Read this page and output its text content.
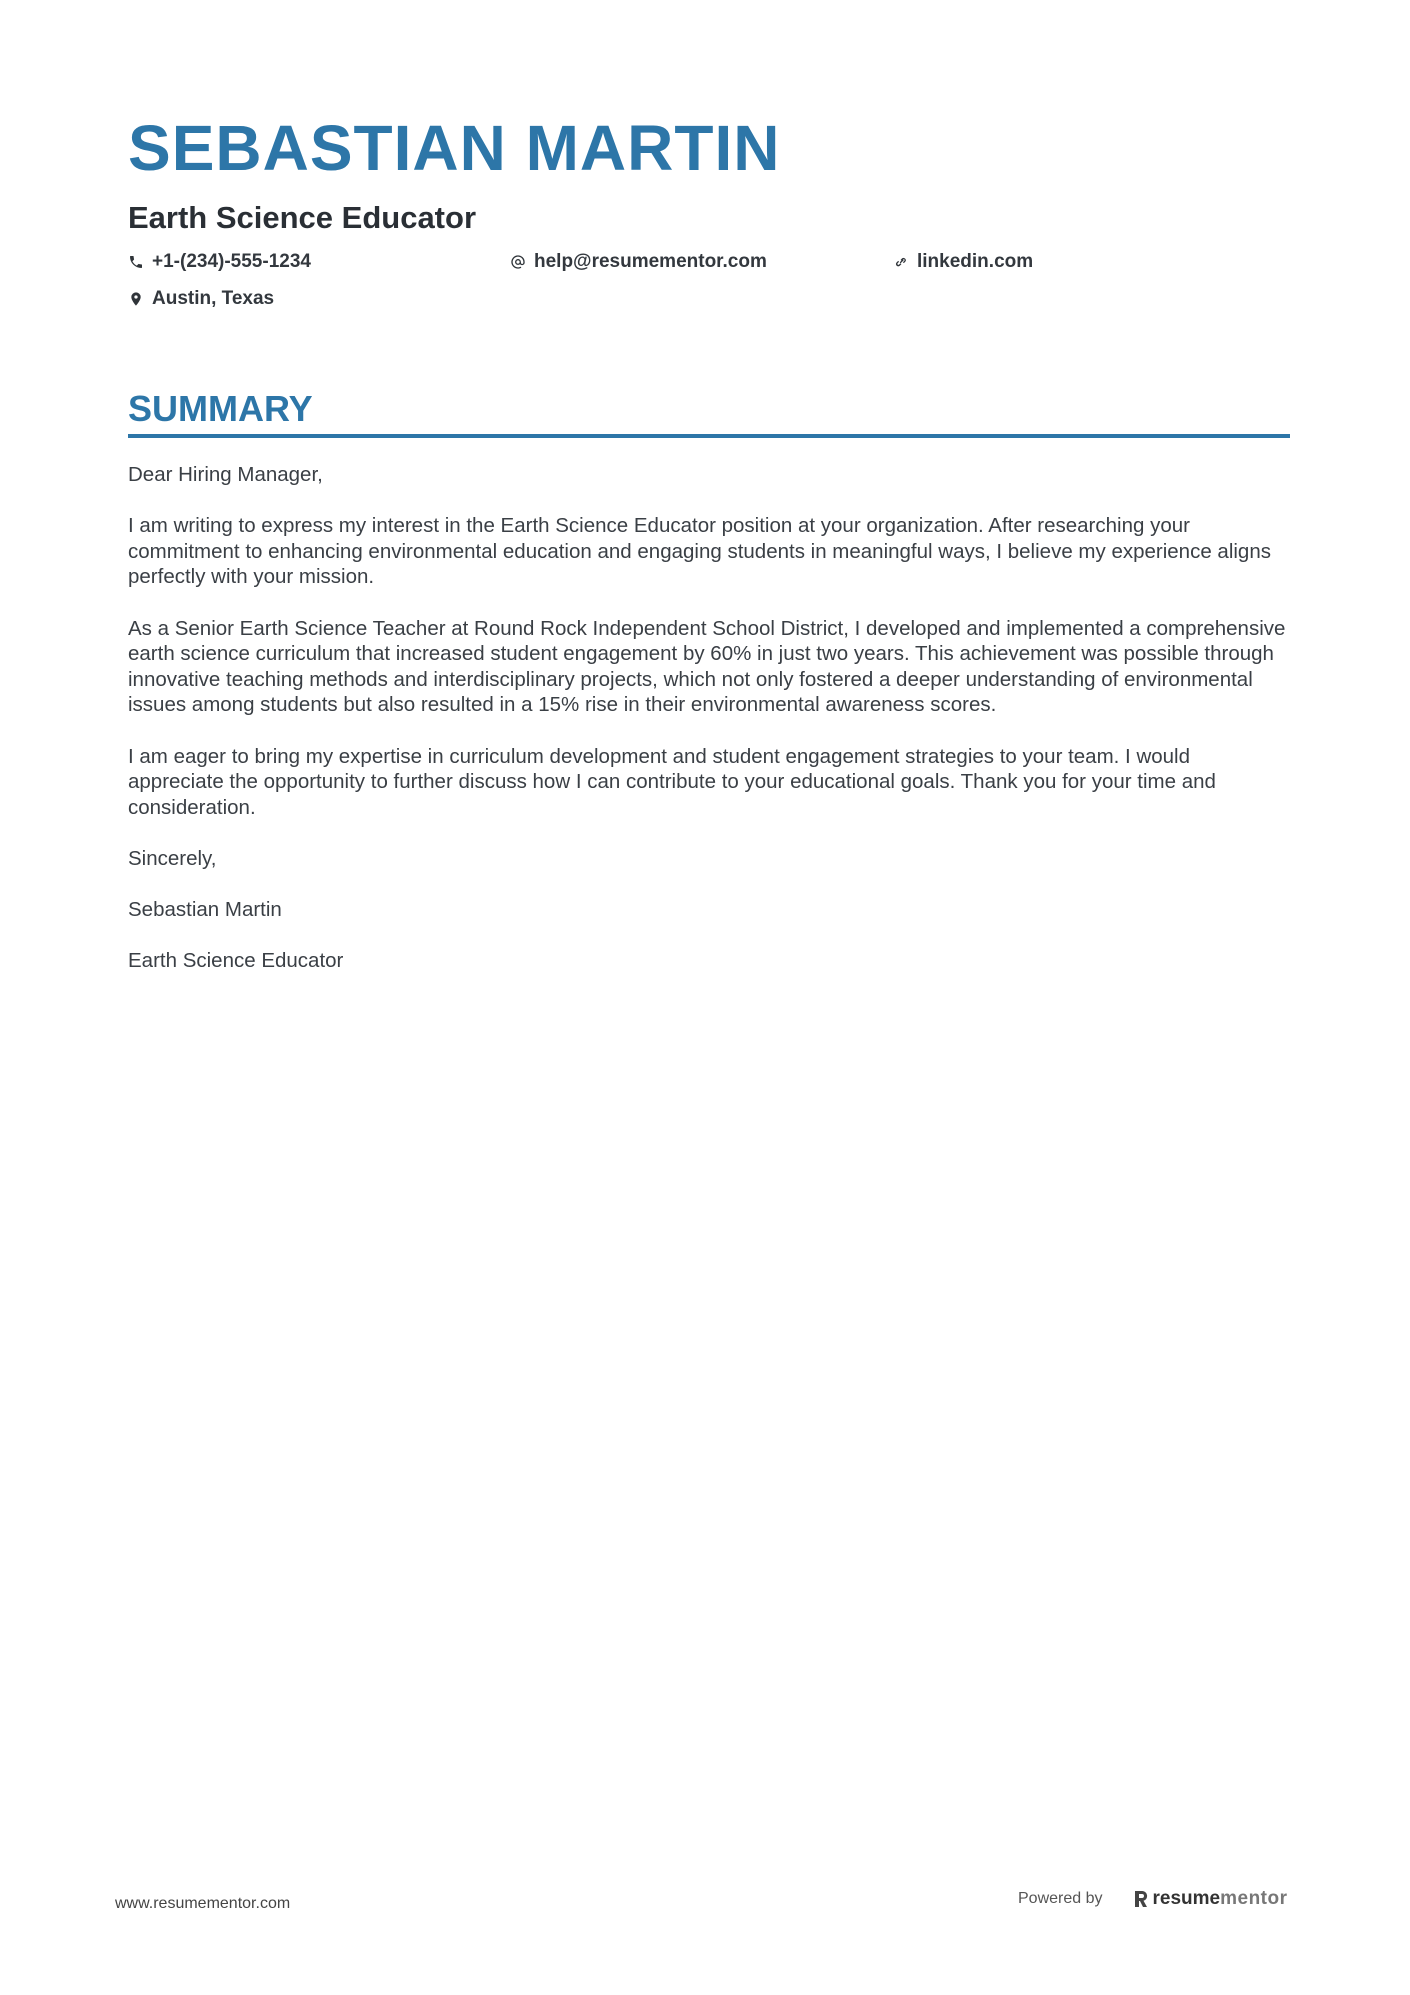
SEBASTIAN MARTIN
Earth Science Educator
+1-(234)-555-1234	help@resumementor.com	linkedin.com
Austin, Texas
SUMMARY

Dear Hiring Manager,

I am writing to express my interest in the Earth Science Educator position at your organization. After researching your commitment to enhancing environmental education and engaging students in meaningful ways, I believe my experience aligns perfectly with your mission.

As a Senior Earth Science Teacher at Round Rock Independent School District, I developed and implemented a comprehensive earth science curriculum that increased student engagement by 60% in just two years. This achievement was possible through innovative teaching methods and interdisciplinary projects, which not only fostered a deeper understanding of environmental issues among students but also resulted in a 15% rise in their environmental awareness scores.

I am eager to bring my expertise in curriculum development and student engagement strategies to your team. I would appreciate the opportunity to further discuss how I can contribute to your educational goals. Thank you for your time and consideration.

Sincerely,

Sebastian Martin

Earth Science Educator

www.resumementor.com	Powered by	resume mentor
